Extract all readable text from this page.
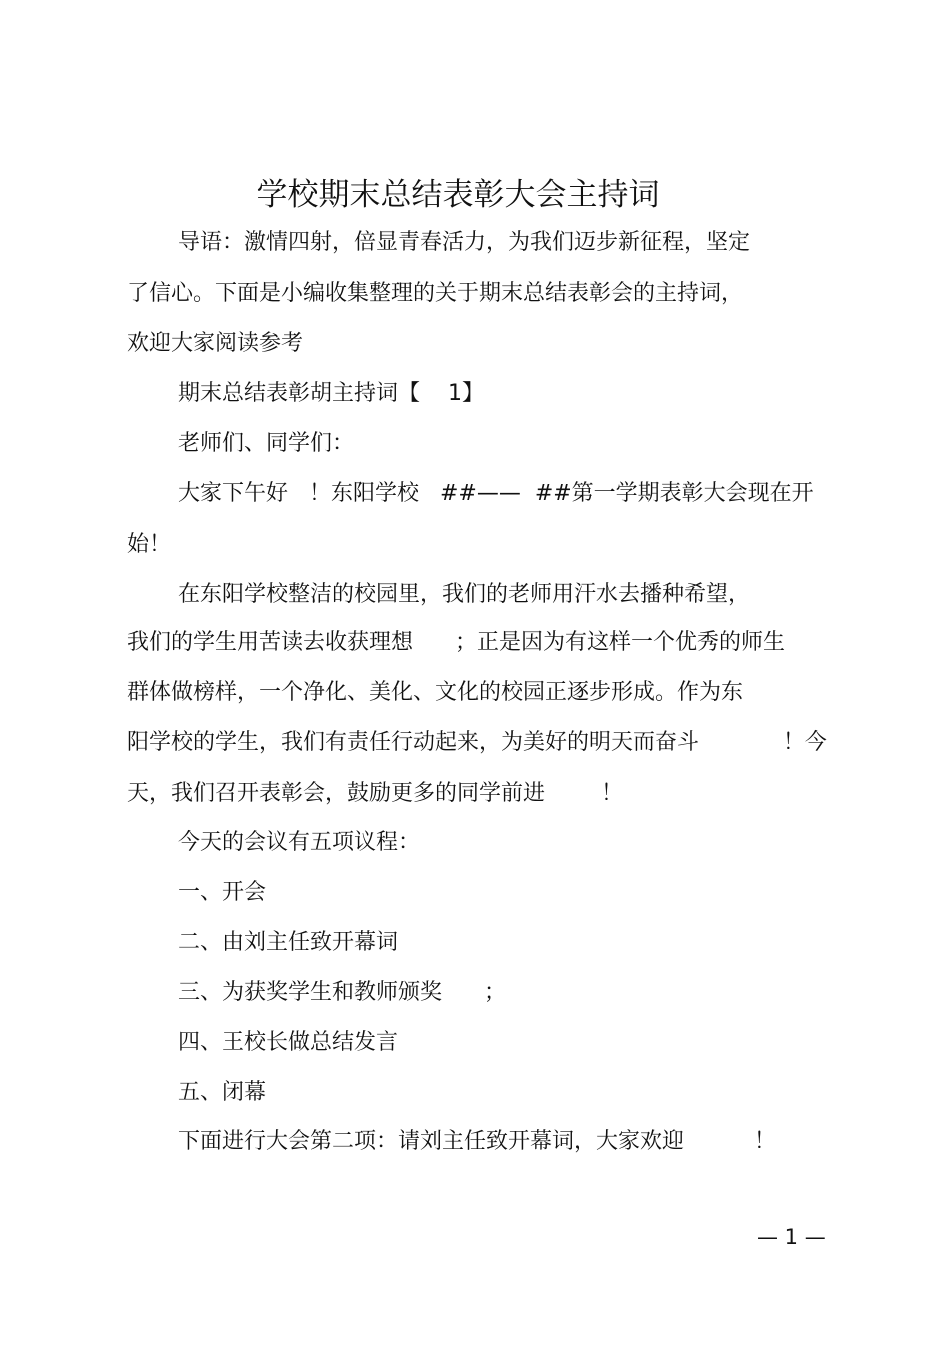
学校期末总结表彰大会主持词
导语：激情四射，倍显青春活力，为我们迈步新征程，坚定
了信心。下面是小编收集整理的关于期末总结表彰会的主持词，
欢迎大家阅读参考
期末总结表彰胡主持词【    1】
老师们、同学们：
大家下午好   ！东阳学校   ##——  ##第一学期表彰大会现在开
始！
在东阳学校整洁的校园里，我们的老师用汗水去播种希望，
我们的学生用苦读去收获理想      ；正是因为有这样一个优秀的师生
群体做榜样，一个净化、美化、文化的校园正逐步形成。作为东
阳学校的学生，我们有责任行动起来，为美好的明天而奋斗            ！今
天，我们召开表彰会，鼓励更多的同学前进        ！
今天的会议有五项议程：
一、开会
二、由刘主任致开幕词
三、为获奖学生和教师颁奖      ；
四、王校长做总结发言
五、闭幕
下面进行大会第二项：请刘主任致开幕词，大家欢迎          ！
— 1 —
